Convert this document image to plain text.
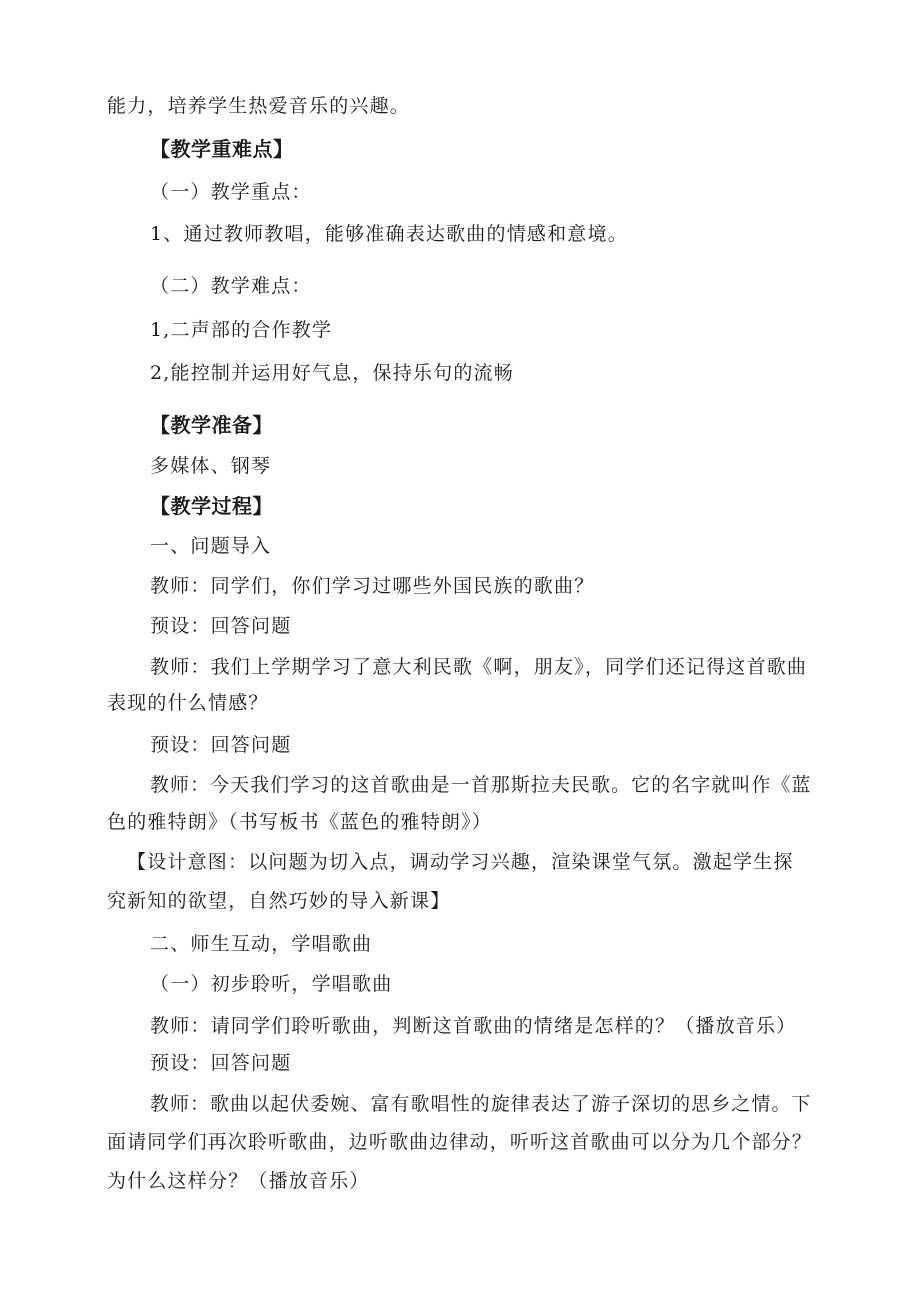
能力，培养学生热爱音乐的兴趣。
【教学重难点】
（一）教学重点：
1、通过教师教唱，能够准确表达歌曲的情感和意境。
（二）教学难点：
1,二声部的合作教学
2,能控制并运用好气息，保持乐句的流畅
【教学准备】
多媒体、钢琴
【教学过程】
一、问题导入
教师：同学们，你们学习过哪些外国民族的歌曲？
预设：回答问题
教师：我们上学期学习了意大利民歌《啊，朋友》，同学们还记得这首歌曲
表现的什么情感？
预设：回答问题
教师：今天我们学习的这首歌曲是一首那斯拉夫民歌。它的名字就叫作《蓝
色的雅特朗》（书写板书《蓝色的雅特朗》）
【设计意图：以问题为切入点，调动学习兴趣，渲染课堂气氛。激起学生探
究新知的欲望，自然巧妙的导入新课】
二、师生互动，学唱歌曲
（一）初步聆听，学唱歌曲
教师：请同学们聆听歌曲，判断这首歌曲的情绪是怎样的？（播放音乐）
预设：回答问题
教师：歌曲以起伏委婉、富有歌唱性的旋律表达了游子深切的思乡之情。下
面请同学们再次聆听歌曲，边听歌曲边律动，听听这首歌曲可以分为几个部分？
为什么这样分？（播放音乐）
